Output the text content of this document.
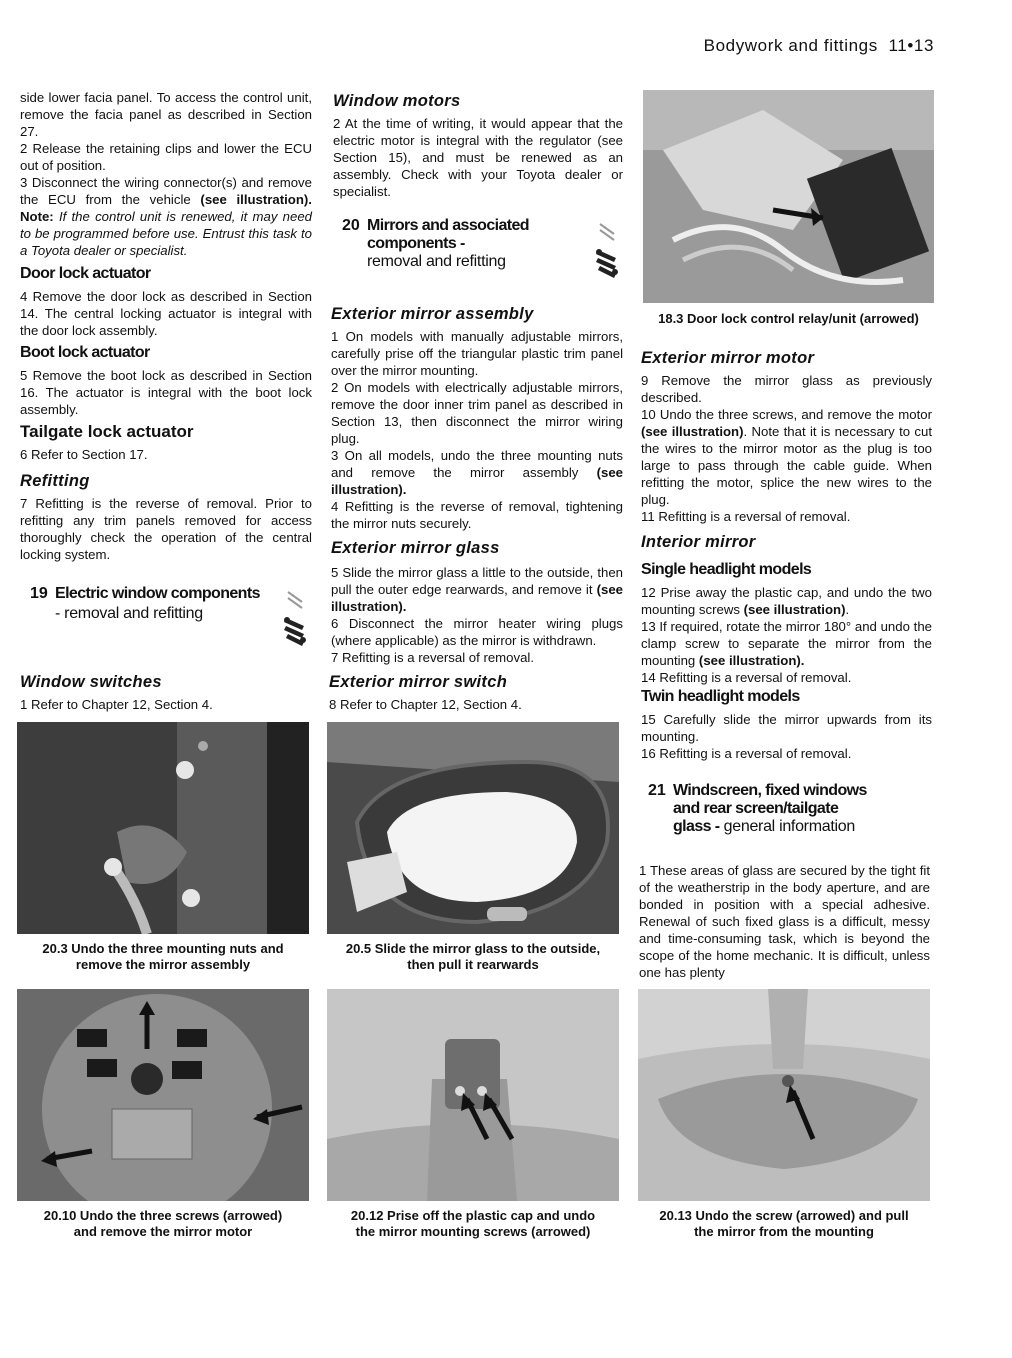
Bodywork and fittings 11•13

side lower facia panel. To access the control unit, remove the facia panel as described in Section 27.

2 Release the retaining clips and lower the ECU out of position.

3 Disconnect the wiring connector(s) and remove the ECU from the vehicle (see illustration). Note: If the control unit is renewed, it may need to be programmed before use. Entrust this task to a Toyota dealer or specialist.

Door lock actuator

4 Remove the door lock as described in Section 14. The central locking actuator is integral with the door lock assembly.

Boot lock actuator

5 Remove the boot lock as described in Section 16. The actuator is integral with the boot lock assembly.

Tailgate lock actuator

6 Refer to Section 17.

Refitting

7 Refitting is the reverse of removal. Prior to refitting any trim panels removed for access thoroughly check the operation of the central locking system.

19 Electric window components
- removal and refitting
Window switches

1 Refer to Chapter 12, Section 4.

Window motors

2 At the time of writing, it would appear that the electric motor is integral with the regulator (see Section 15), and must be renewed as an assembly. Check with your Toyota dealer or specialist.

20 Mirrors and associated
components -
removal and refitting
Exterior mirror assembly

1 On models with manually adjustable mirrors, carefully prise off the triangular plastic trim panel over the mirror mounting.

2 On models with electrically adjustable mirrors, remove the door inner trim panel as described in Section 13, then disconnect the mirror wiring plug.

3 On all models, undo the three mounting nuts and remove the mirror assembly (see illustration).

4 Refitting is the reverse of removal, tightening the mirror nuts securely.

Exterior mirror glass

5 Slide the mirror glass a little to the outside, then pull the outer edge rearwards, and remove it (see illustration).

6 Disconnect the mirror heater wiring plugs (where applicable) as the mirror is withdrawn.

7 Refitting is a reversal of removal.

Exterior mirror switch

8 Refer to Chapter 12, Section 4.

18.3 Door lock control relay/unit (arrowed)
Exterior mirror motor

9 Remove the mirror glass as previously described.

10 Undo the three screws, and remove the motor (see illustration). Note that it is necessary to cut the wires to the mirror motor as the plug is too large to pass through the cable guide. When refitting the motor, splice the new wires to the plug.

11 Refitting is a reversal of removal.

Interior mirror
Single headlight models

12 Prise away the plastic cap, and undo the two mounting screws (see illustration).

13 If required, rotate the mirror 180° and undo the clamp screw to separate the mirror from the mounting (see illustration).

14 Refitting is a reversal of removal.

Twin headlight models

15 Carefully slide the mirror upwards from its mounting.

16 Refitting is a reversal of removal.

21 Windscreen, fixed windows
and rear screen/tailgate
glass - general information

1 These areas of glass are secured by the tight fit of the weatherstrip in the body aperture, and are bonded in position with a special adhesive. Renewal of such fixed glass is a difficult, messy and time-consuming task, which is beyond the scope of the home mechanic. It is difficult, unless one has plenty

20.3 Undo the three mounting nuts and
remove the mirror assembly
20.5 Slide the mirror glass to the outside,
then pull it rearwards
20.10 Undo the three screws (arrowed)
and remove the mirror motor
20.12 Prise off the plastic cap and undo
the mirror mounting screws (arrowed)
20.13 Undo the screw (arrowed) and pull
the mirror from the mounting
